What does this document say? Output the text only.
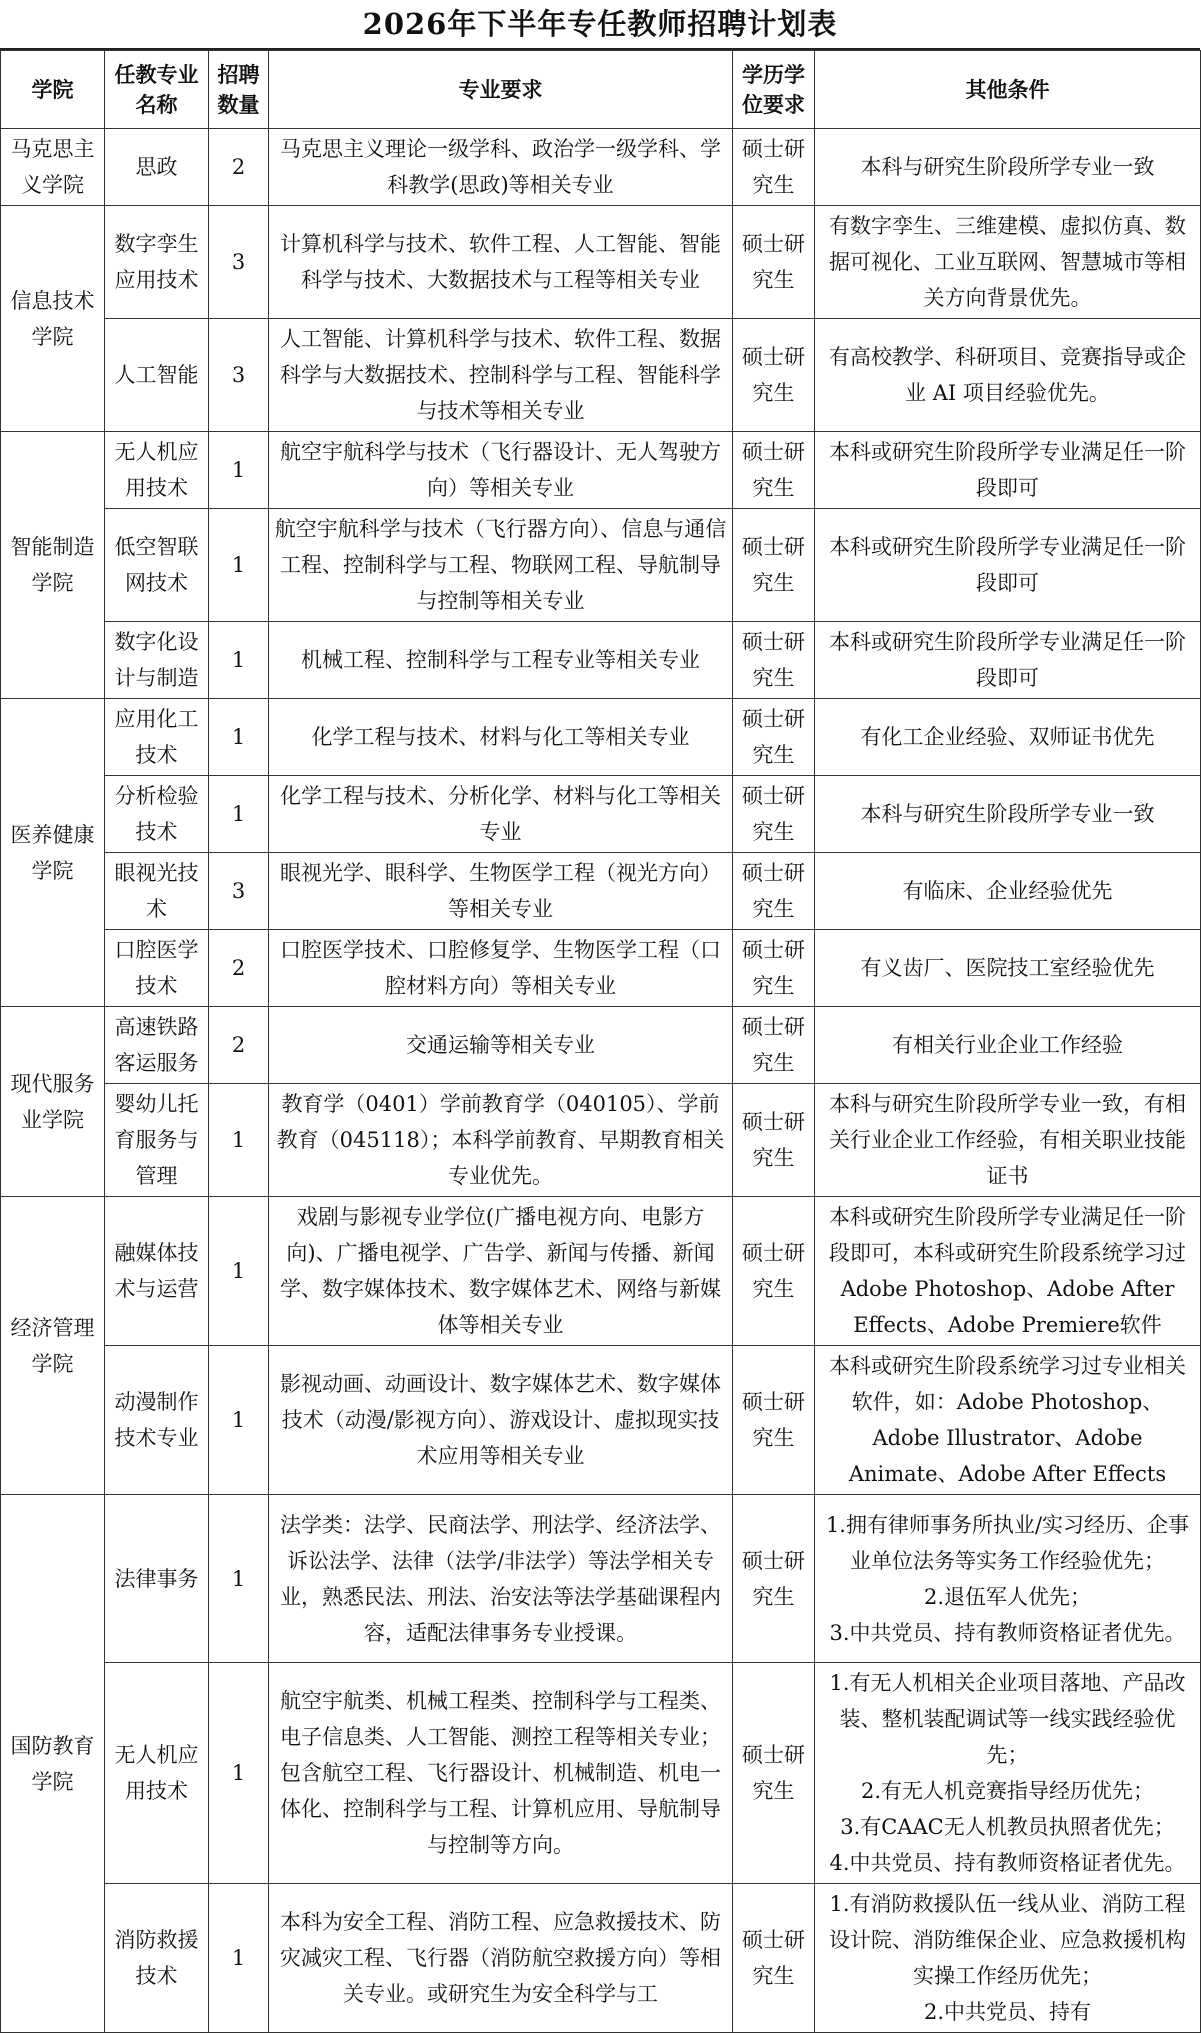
2026年下半年专任教师招聘计划表
学院	任教专业名称	招聘数量	专业要求	学历学位要求	其他条件
马克思主义学院	思政	2	马克思主义理论一级学科、政治学一级学科、学科教学(思政)等相关专业	硕士研究生	本科与研究生阶段所学专业一致

信息技术学院	数字孪生应用技术	3	计算机科学与技术、软件工程、人工智能、智能科学与技术、大数据技术与工程等相关专业	硕士研究生	有数字孪生、三维建模、虚拟仿真、数据可视化、工业互联网、智慧城市等相关方向背景优先。

	人工智能	3	人工智能、计算机科学与技术、软件工程、数据科学与大数据技术、控制科学与工程、智能科学与技术等相关专业	硕士研究生	有高校教学、科研项目、竞赛指导或企业 AI 项目经验优先。

智能制造学院	无人机应用技术	1	航空宇航科学与技术（飞行器设计、无人驾驶方向）等相关专业	硕士研究生	本科或研究生阶段所学专业满足任一阶段即可

	低空智联网技术	1	航空宇航科学与技术（飞行器方向）、信息与通信工程、控制科学与工程、物联网工程、导航制导与控制等相关专业	硕士研究生	本科或研究生阶段所学专业满足任一阶段即可

	数字化设计与制造	1	机械工程、控制科学与工程专业等相关专业	硕士研究生	本科或研究生阶段所学专业满足任一阶段即可

医养健康学院	应用化工技术	1	化学工程与技术、材料与化工等相关专业	硕士研究生	有化工企业经验、双师证书优先

	分析检验技术	1	化学工程与技术、分析化学、材料与化工等相关专业	硕士研究生	本科与研究生阶段所学专业一致

	眼视光技术	3	眼视光学、眼科学、生物医学工程（视光方向）等相关专业	硕士研究生	有临床、企业经验优先

	口腔医学技术	2	口腔医学技术、口腔修复学、生物医学工程（口腔材料方向）等相关专业	硕士研究生	有义齿厂、医院技工室经验优先

现代服务业学院	高速铁路客运服务	2	交通运输等相关专业	硕士研究生	有相关行业企业工作经验

	婴幼儿托育服务与管理	1	教育学（0401）学前教育学（040105）、学前教育（045118）；本科学前教育、早期教育相关专业优先。	硕士研究生	本科与研究生阶段所学专业一致，有相关行业企业工作经验，有相关职业技能证书

经济管理学院	融媒体技术与运营	1	戏剧与影视专业学位(广播电视方向、电影方向)、广播电视学、广告学、新闻与传播、新闻学、数字媒体技术、数字媒体艺术、网络与新媒体等相关专业	硕士研究生	本科或研究生阶段所学专业满足任一阶段即可，本科或研究生阶段系统学习过Adobe Photoshop、Adobe After Effects、Adobe Premiere软件

	动漫制作技术专业	1	影视动画、动画设计、数字媒体艺术、数字媒体技术（动漫/影视方向）、游戏设计、虚拟现实技术应用等相关专业	硕士研究生	本科或研究生阶段系统学习过专业相关软件，如：Adobe Photoshop、Adobe Illustrator、Adobe Animate、Adobe After Effects

国防教育学院	法律事务	1	法学类：法学、民商法学、刑法学、经济法学、诉讼法学、法律（法学/非法学）等法学相关专业，熟悉民法、刑法、治安法等法学基础课程内容，适配法律事务专业授课。	硕士研究生	1.拥有律师事务所执业/实习经历、企事业单位法务等实务工作经验优先；
2.退伍军人优先；
3.中共党员、持有教师资格证者优先。

	无人机应用技术	1	航空宇航类、机械工程类、控制科学与工程类、电子信息类、人工智能、测控工程等相关专业；包含航空工程、飞行器设计、机械制造、机电一体化、控制科学与工程、计算机应用、导航制导与控制等方向。	硕士研究生	1.有无人机相关企业项目落地、产品改装、整机装配调试等一线实践经验优先；
2.有无人机竞赛指导经历优先；
3.有CAAC无人机教员执照者优先；
4.中共党员、持有教师资格证者优先。

	消防救援技术	1	本科为安全工程、消防工程、应急救援技术、防灾减灾工程、飞行器（消防航空救援方向）等相关专业。或研究生为安全科学与工	硕士研究生	1.有消防救援队伍一线从业、消防工程设计院、消防维保企业、应急救援机构实操工作经历优先；
2.中共党员、持有
